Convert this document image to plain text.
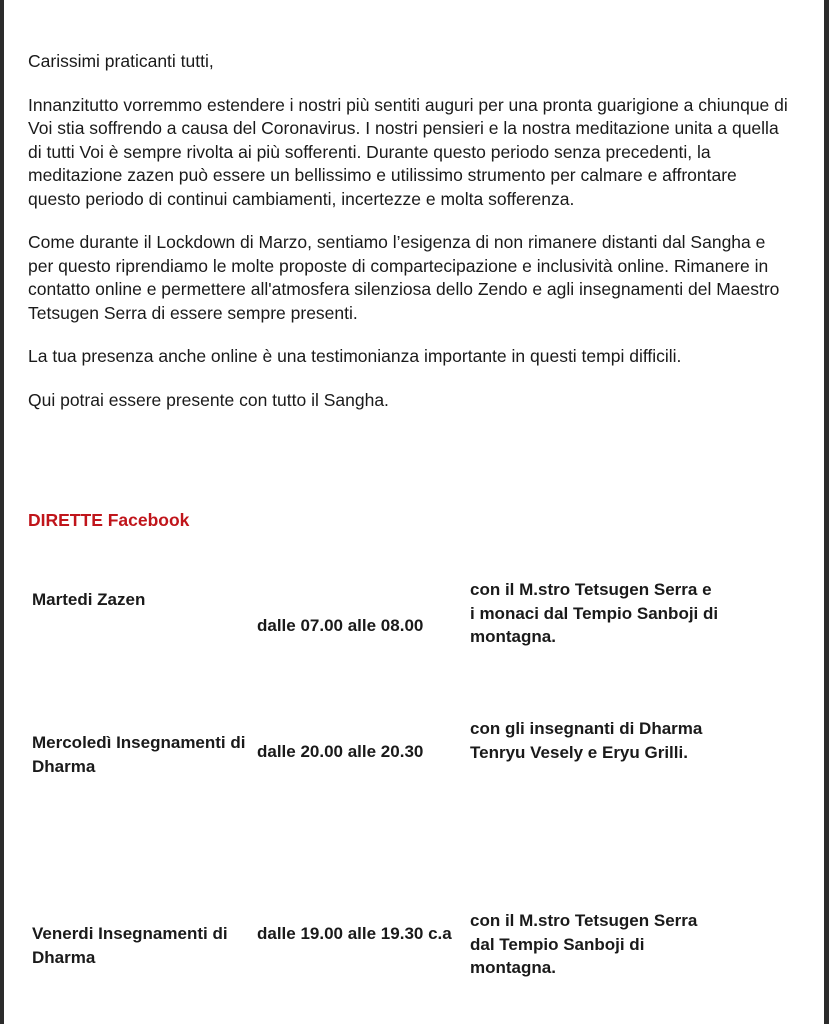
Carissimi praticanti tutti,

Innanzitutto vorremmo estendere i nostri più sentiti auguri per una pronta guarigione a chiunque di Voi stia soffrendo a causa del Coronavirus. I nostri pensieri e la nostra meditazione unita a quella di tutti Voi è sempre rivolta ai più sofferenti. Durante questo periodo senza precedenti, la meditazione zazen può essere un bellissimo e utilissimo strumento per calmare e affrontare questo periodo di continui cambiamenti, incertezze e molta sofferenza.

Come durante il Lockdown di Marzo, sentiamo l’esigenza di non rimanere distanti dal Sangha e per questo riprendiamo le molte proposte di compartecipazione e inclusività online. Rimanere in contatto online e permettere all'atmosfera silenziosa dello Zendo e agli insegnamenti del Maestro Tetsugen Serra di essere sempre presenti.

La tua presenza anche online è una testimonianza importante in questi tempi difficili.

Qui potrai essere presente con tutto il Sangha.

DIRETTE Facebook

Martedi Zazen
dalle 07.00 alle 08.00
con il M.stro Tetsugen Serra e i monaci dal Tempio Sanboji di montagna.
Mercoledì Insegnamenti di Dharma
dalle 20.00 alle 20.30
con gli insegnanti di Dharma Tenryu Vesely e Eryu Grilli.
Venerdi Insegnamenti di Dharma
dalle 19.00 alle 19.30 c.a
con il M.stro Tetsugen Serra dal Tempio Sanboji di montagna.
